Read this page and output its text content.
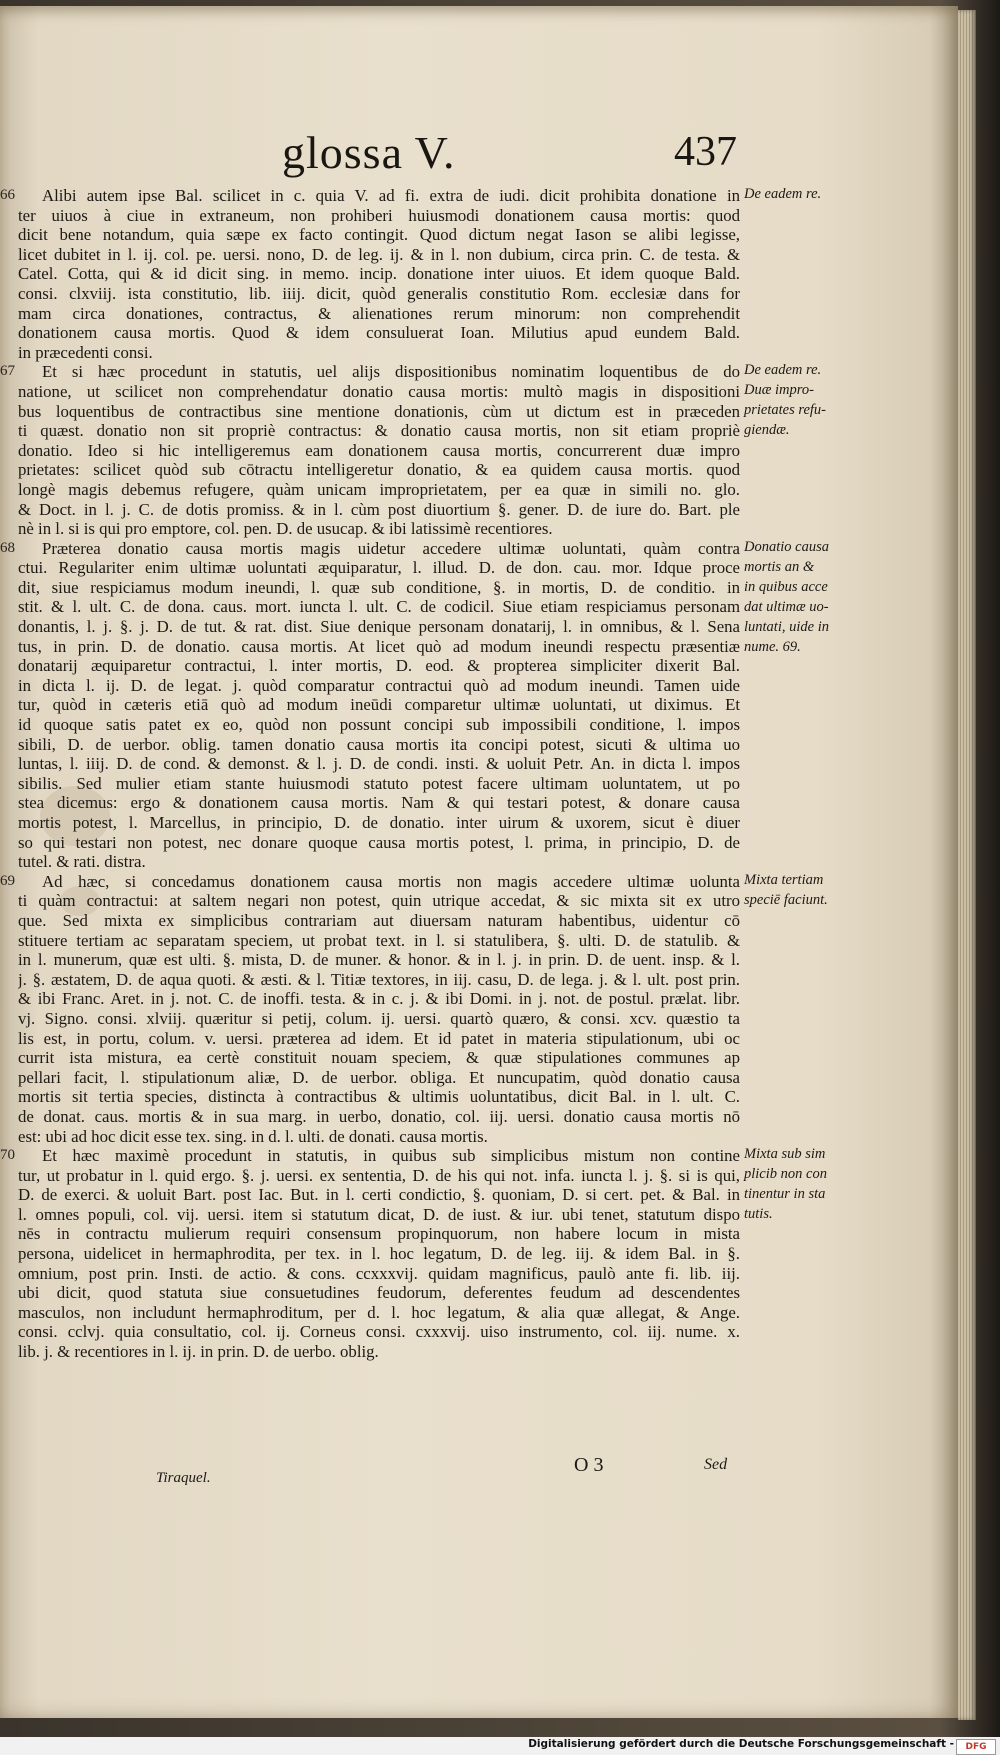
glossa V.	437
66	Alibi autem ipse Bal. scilicet in c. quia V. ad fi. extra de iudi. dicit prohibita donatione in
ter uiuos à ciue in extraneum, non prohiberi huiusmodi donationem causa mortis: quod
dicit bene notandum, quia sæpe ex facto contingit. Quod dictum negat Iason se alibi legisse,
licet dubitet in l. ij. col. pe. uersi. nono, D. de leg. ij. & in l. non dubium, circa prin. C. de testa. &
Catel. Cotta, qui & id dicit sing. in memo. incip. donatione inter uiuos. Et idem quoque Bald.
consi. clxviij. ista constitutio, lib. iiij. dicit, quòd generalis constitutio Rom. ecclesiæ dans for
mam circa donationes, contractus, & alienationes rerum minorum: non comprehendit
donationem causa mortis. Quod & idem consuluerat Ioan. Milutius apud eundem Bald.
in præcedenti consi.
67	Et si hæc procedunt in statutis, uel alijs dispositionibus nominatim loquentibus de do
natione, ut scilicet non comprehendatur donatio causa mortis: multò magis in dispositioni
bus loquentibus de contractibus sine mentione donationis, cùm ut dictum est in præceden
ti quæst. donatio non sit propriè contractus: & donatio causa mortis, non sit etiam propriè
donatio. Ideo si hic intelligeremus eam donationem causa mortis, concurrerent duæ impro
prietates: scilicet quòd sub cōtractu intelligeretur donatio, & ea quidem causa mortis. quod
longè magis debemus refugere, quàm unicam improprietatem, per ea quæ in simili no. glo.
& Doct. in l. j. C. de dotis promiss. & in l. cùm post diuortium §. gener. D. de iure do. Bart. ple
nè in l. si is qui pro emptore, col. pen. D. de usucap. & ibi latissimè recentiores.
68	Præterea donatio causa mortis magis uidetur accedere ultimæ uoluntati, quàm contra
ctui. Regulariter enim ultimæ uoluntati æquiparatur, l. illud. D. de don. cau. mor. Idque proce
dit, siue respiciamus modum ineundi, l. quæ sub conditione, §. in mortis, D. de conditio. in
stit. & l. ult. C. de dona. caus. mort. iuncta l. ult. C. de codicil. Siue etiam respiciamus personam
donantis, l. j. §. j. D. de tut. & rat. dist. Siue denique personam donatarij, l. in omnibus, & l. Sena
tus, in prin. D. de donatio. causa mortis. At licet quò ad modum ineundi respectu præsentiæ
donatarij æquiparetur contractui, l. inter mortis, D. eod. & propterea simpliciter dixerit Bal.
in dicta l. ij. D. de legat. j. quòd comparatur contractui quò ad modum ineundi. Tamen uide
tur, quòd in cæteris etiā quò ad modum ineūdi comparetur ultimæ uoluntati, ut diximus. Et
id quoque satis patet ex eo, quòd non possunt concipi sub impossibili conditione, l. impos
sibili, D. de uerbor. oblig. tamen donatio causa mortis ita concipi potest, sicuti & ultima uo
luntas, l. iiij. D. de cond. & demonst. & l. j. D. de condi. insti. & uoluit Petr. An. in dicta l. impos
sibilis. Sed mulier etiam stante huiusmodi statuto potest facere ultimam uoluntatem, ut po
stea dicemus: ergo & donationem causa mortis. Nam & qui testari potest, & donare causa
mortis potest, l. Marcellus, in principio, D. de donatio. inter uirum & uxorem, sicut è diuer
so qui testari non potest, nec donare quoque causa mortis potest, l. prima, in principio, D. de
tutel. & rati. distra.
69	Ad hæc, si concedamus donationem causa mortis non magis accedere ultimæ uolunta
ti quàm contractui: at saltem negari non potest, quin utrique accedat, & sic mixta sit ex utro
que. Sed mixta ex simplicibus contrariam aut diuersam naturam habentibus, uidentur cō
stituere tertiam ac separatam speciem, ut probat text. in l. si statuliberа, §. ulti. D. de statulib. &
in l. munerum, quæ est ulti. §. mista, D. de muner. & honor. & in l. j. in prin. D. de uent. insp. & l.
j. §. æstatem, D. de aqua quoti. & æsti. & l. Titiæ textores, in iij. casu, D. de lega. j. & l. ult. post prin.
& ibi Franc. Aret. in j. not. C. de inoffi. testa. & in c. j. & ibi Domi. in j. not. de postul. prælat. libr.
vj. Signo. consi. xlviij. quæritur si petij, colum. ij. uersi. quartò quæro, & consi. xcv. quæstio ta
lis est, in portu, colum. v. uersi. præterea ad idem. Et id patet in materia stipulationum, ubi oc
currit ista mistura, ea certè constituit nouam speciem, & quæ stipulationes communes ap
pellari facit, l. stipulationum aliæ, D. de uerbor. obliga. Et nuncupatim, quòd donatio causa
mortis sit tertia species, distincta à contractibus & ultimis uoluntatibus, dicit Bal. in l. ult. C.
de donat. caus. mortis & in sua marg. in uerbo, donatio, col. iij. uersi. donatio causa mortis nō
est: ubi ad hoc dicit esse tex. sing. in d. l. ulti. de donati. causa mortis.
70	Et hæc maximè procedunt in statutis, in quibus sub simplicibus mistum non contine
tur, ut probatur in l. quid ergo. §. j. uersi. ex sententia, D. de his qui not. infa. iuncta l. j. §. si is qui,
D. de exerci. & uoluit Bart. post Iac. But. in l. certi condictio, §. quoniam, D. si cert. pet. & Bal. in
l. omnes populi, col. vij. uersi. item si statutum dicat, D. de iust. & iur. ubi tenet, statutum dispo
nēs in contractu mulierum requiri consensum propinquorum, non habere locum in mista
persona, uidelicet in hermaphrodita, per tex. in l. hoc legatum, D. de leg. iij. & idem Bal. in §.
omnium, post prin. Insti. de actio. & cons. ccxxxvij. quidam magnificus, paulò ante fi. lib. iij.
ubi dicit, quod statuta siue consuetudines feudorum, deferentes feudum ad descendentes
masculos, non includunt hermaphroditum, per d. l. hoc legatum, & alia quæ allegat, & Ange.
consi. cclvj. quia consultatio, col. ij. Corneus consi. cxxxvij. uiso instrumento, col. iij. nume. x.
lib. j. & recentiores in l. ij. in prin. D. de uerbo. oblig.
De eadem re.
De eadem re.
Duæ impro-
prietates refu-
giendæ.
Donatio causa
mortis an &
in quibus acce
dat ultimæ uo-
luntati, uide in
nume. 69.
Mixta tertiam
speciē faciunt.
Mixta sub sim
plicib non con
tinentur in sta
tutis.
Tiraquel.
O 3	Sed
Digitalisierung gefördert durch die Deutsche Forschungsgemeinschaft -	DFG
